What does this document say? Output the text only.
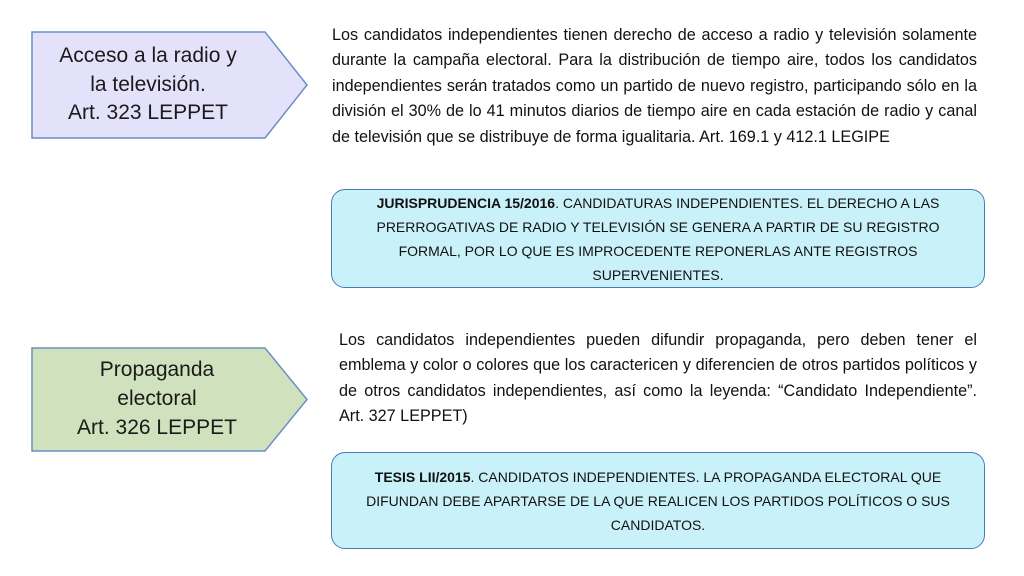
Acceso a la radio y
la televisión.
Art. 323 LEPPET
Los candidatos independientes tienen derecho de acceso a radio y televisión solamente durante la campaña electoral. Para la distribución de tiempo aire, todos los candidatos independientes serán tratados como un partido de nuevo registro, participando sólo en la división el 30% de lo 41 minutos diarios de tiempo aire en cada estación de radio y canal de televisión que se distribuye de forma igualitaria. Art. 169.1 y 412.1 LEGIPE
JURISPRUDENCIA 15/2016. CANDIDATURAS INDEPENDIENTES. EL DERECHO A LAS PRERROGATIVAS DE RADIO Y TELEVISIÓN SE GENERA A PARTIR DE SU REGISTRO FORMAL, POR LO QUE ES IMPROCEDENTE REPONERLAS ANTE REGISTROS SUPERVENIENTES.
Propaganda
electoral
Art. 326 LEPPET
Los candidatos independientes pueden difundir propaganda, pero deben tener el emblema y color o colores que los caractericen y diferencien de otros partidos políticos y de otros candidatos independientes, así como la leyenda: “Candidato Independiente”. Art. 327 LEPPET)
TESIS LII/2015. CANDIDATOS INDEPENDIENTES. LA PROPAGANDA ELECTORAL QUE DIFUNDAN DEBE APARTARSE DE LA QUE REALICEN LOS PARTIDOS POLÍTICOS O SUS CANDIDATOS.
